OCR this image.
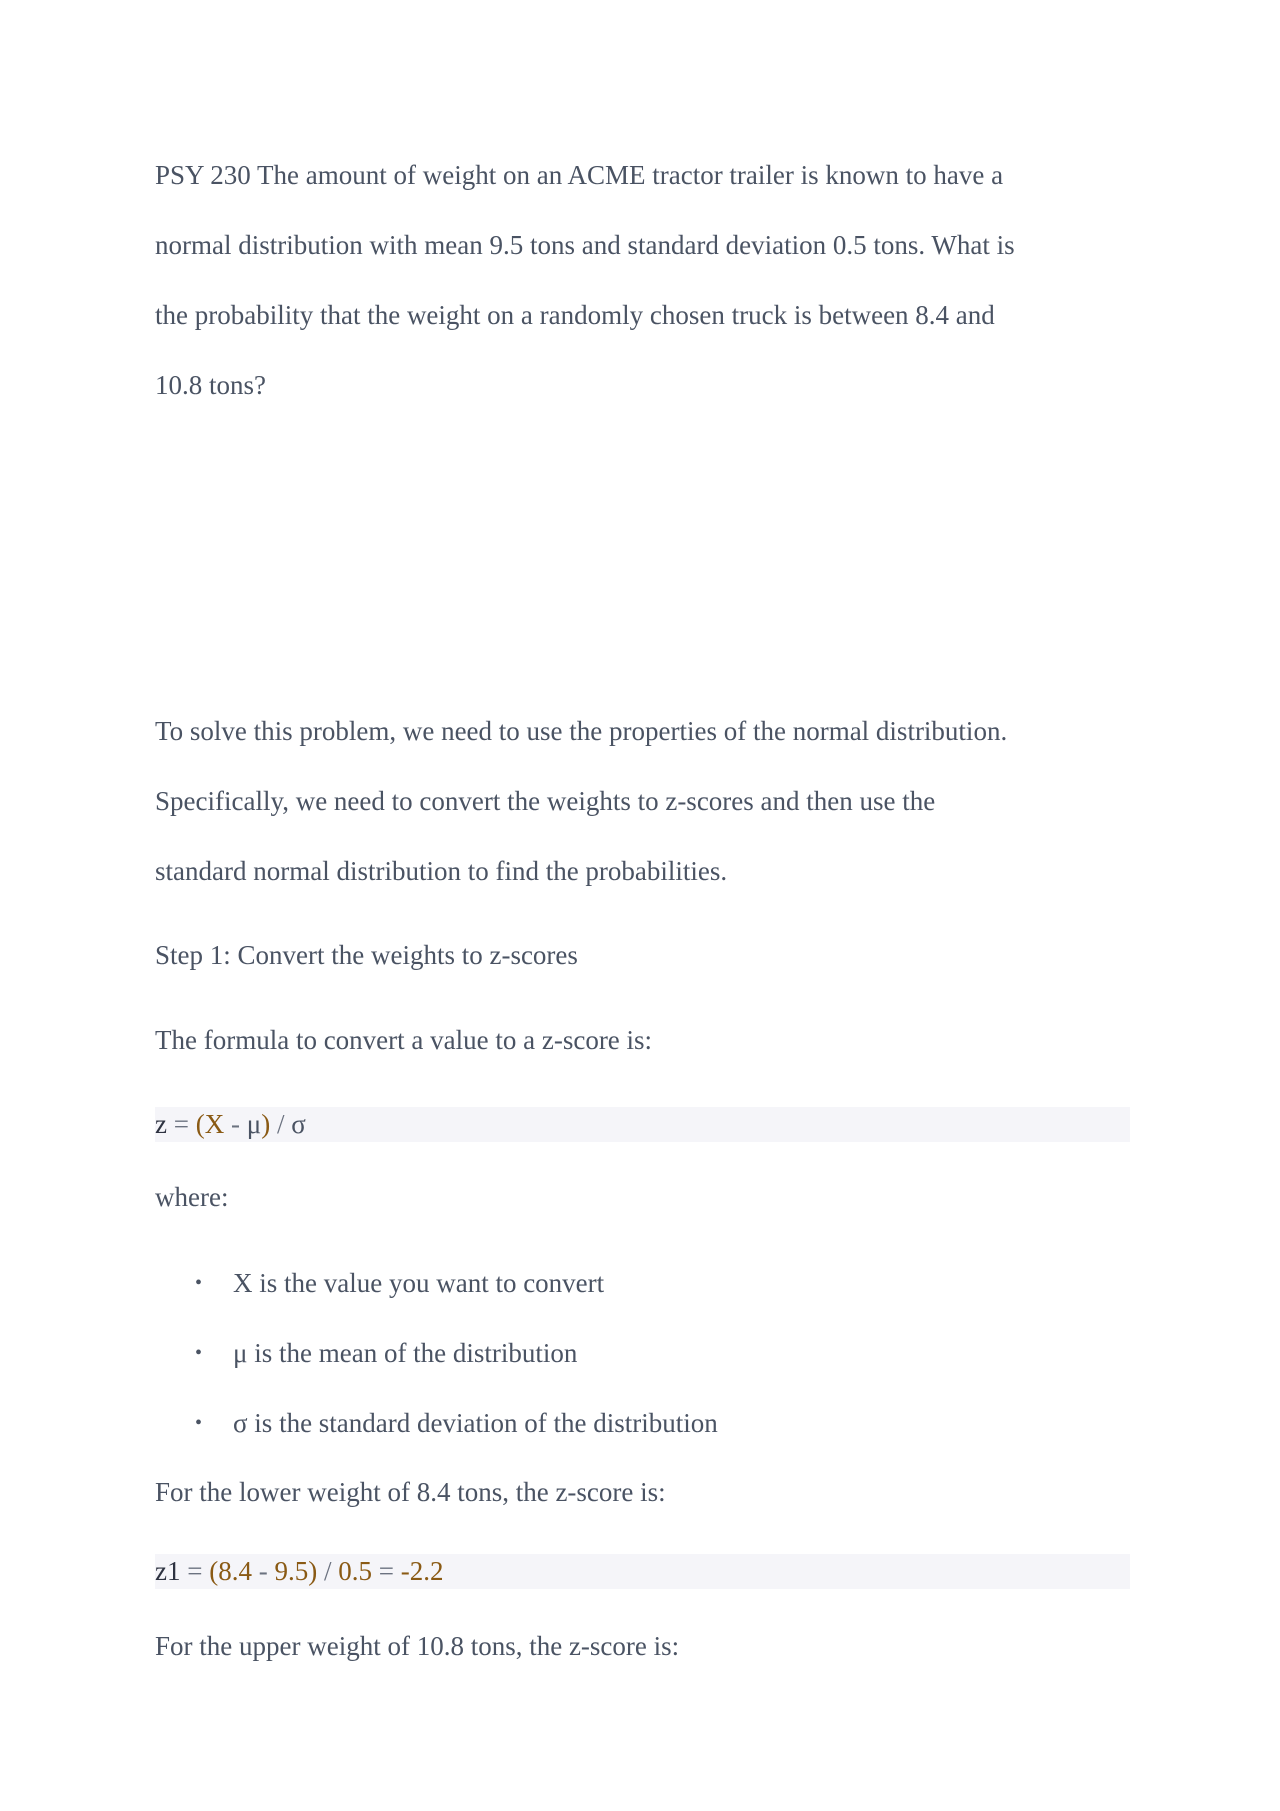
PSY 230 The amount of weight on an ACME tractor trailer is known to have a
normal distribution with mean 9.5 tons and standard deviation 0.5 tons. What is
the probability that the weight on a randomly chosen truck is between 8.4 and
10.8 tons?
To solve this problem, we need to use the properties of the normal distribution.
Specifically, we need to convert the weights to z-scores and then use the
standard normal distribution to find the probabilities.
Step 1: Convert the weights to z-scores
The formula to convert a value to a z-score is:
z = (X - μ) / σ
where:
• X is the value you want to convert
• μ is the mean of the distribution
• σ is the standard deviation of the distribution
For the lower weight of 8.4 tons, the z-score is:
z1 = (8.4 - 9.5) / 0.5 = -2.2
For the upper weight of 10.8 tons, the z-score is:
